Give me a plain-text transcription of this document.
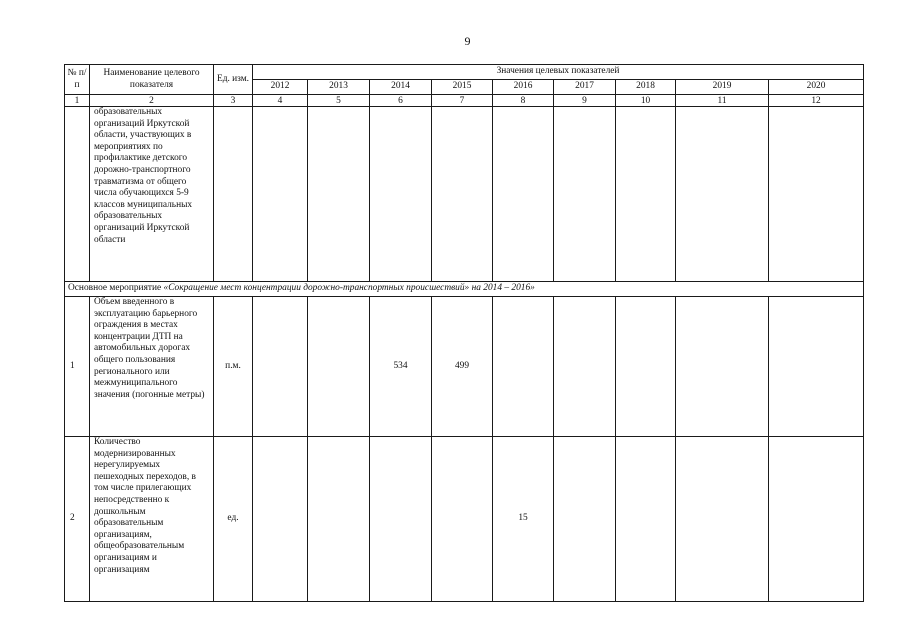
9
№ п/п	Наименование целевого показателя	Ед. изм.	Значения целевых показателей								
			2012	2013	2014	2015	2016	2017	2018	2019	2020
1	2	3	4	5	6	7	8	9	10	11	12
	образовательных организаций Иркутской области, участвующих в мероприятиях по профилактике детского дорожно-транспортного травматизма от общего числа обучающихся 5-9 классов муниципальных образовательных организаций Иркутской области										
Основное мероприятие «Сокращение мест концентрации дорожно-транспортных происшествий» на 2014 – 2016»											
1	Объем введенного в эксплуатацию барьерного ограждения в местах концентрации ДТП на автомобильных дорогах общего пользования регионального или межмуниципального значения (погонные метры)	п.м.			534	499					
2	Количество модернизированных нерегулируемых пешеходных переходов, в том числе прилегающих непосредственно к дошкольным образовательным организациям, общеобразовательным организациям и организациям	ед.					15				
